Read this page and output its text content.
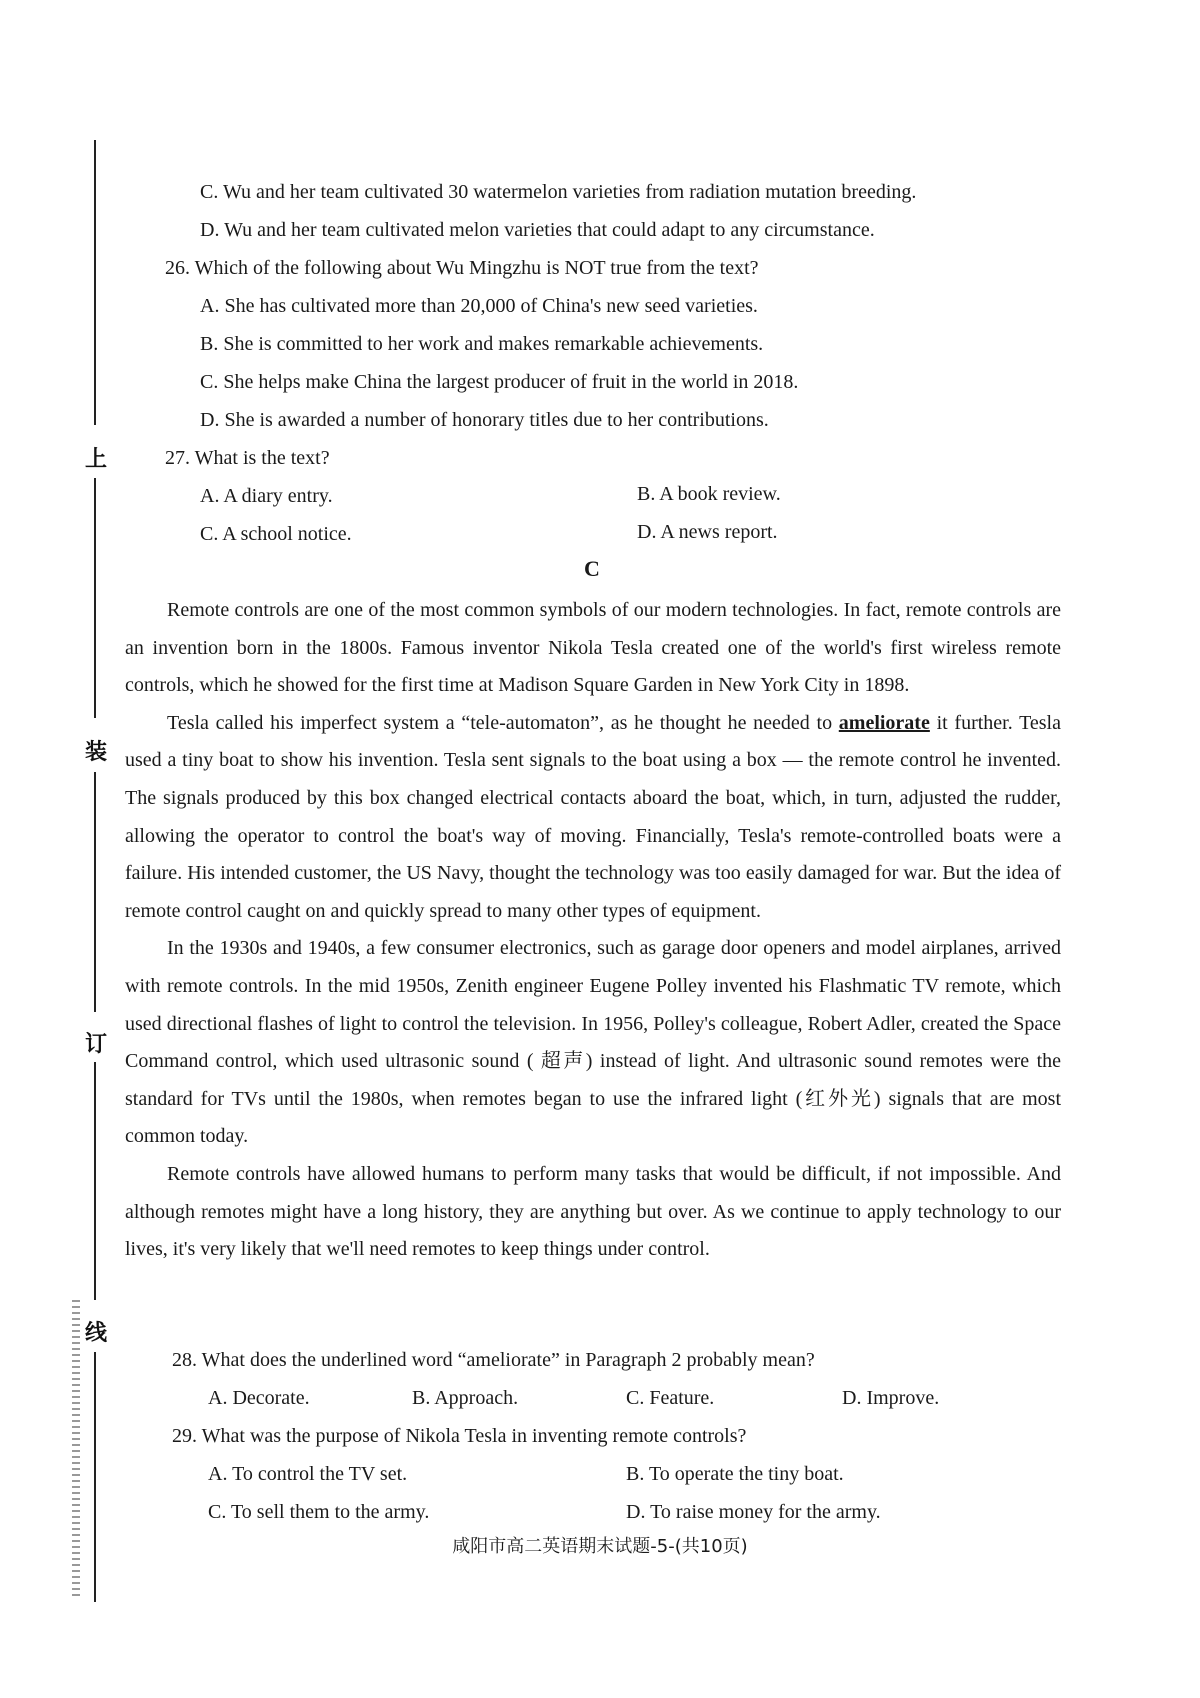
上
装
订
线
C. Wu and her team cultivated 30 watermelon varieties from radiation mutation breeding.
D. Wu and her team cultivated melon varieties that could adapt to any circumstance.
26. Which of the following about Wu Mingzhu is NOT true from the text?
A. She has cultivated more than 20,000 of China's new seed varieties.
B. She is committed to her work and makes remarkable achievements.
C. She helps make China the largest producer of fruit in the world in 2018.
D. She is awarded a number of honorary titles due to her contributions.
27. What is the text?
A. A diary entry.	B. A book review.
C. A school notice.	D. A news report.
C

Remote controls are one of the most common symbols of our modern technologies. In fact, remote controls are an invention born in the 1800s. Famous inventor Nikola Tesla created one of the world's first wireless remote controls, which he showed for the first time at Madison Square Garden in New York City in 1898.

Tesla called his imperfect system a “tele-automaton”, as he thought he needed to ameliorate it further. Tesla used a tiny boat to show his invention. Tesla sent signals to the boat using a box — the remote control he invented. The signals produced by this box changed electrical contacts aboard the boat, which, in turn, adjusted the rudder, allowing the operator to control the boat's way of moving. Financially, Tesla's remote-controlled boats were a failure. His intended customer, the US Navy, thought the technology was too easily damaged for war. But the idea of remote control caught on and quickly spread to many other types of equipment.

In the 1930s and 1940s, a few consumer electronics, such as garage door openers and model airplanes, arrived with remote controls. In the mid 1950s, Zenith engineer Eugene Polley invented his Flashmatic TV remote, which used directional flashes of light to control the television. In 1956, Polley's colleague, Robert Adler, created the Space Command control, which used ultrasonic sound ( 超声) instead of light. And ultrasonic sound remotes were the standard for TVs until the 1980s, when remotes began to use the infrared light (红外光) signals that are most common today.

Remote controls have allowed humans to perform many tasks that would be difficult, if not impossible. And although remotes might have a long history, they are anything but over. As we continue to apply technology to our lives, it's very likely that we'll need remotes to keep things under control.

28. What does the underlined word “ameliorate” in Paragraph 2 probably mean?
A. Decorate.	B. Approach.	C. Feature.	D. Improve.
29. What was the purpose of Nikola Tesla in inventing remote controls?
A. To control the TV set.	B. To operate the tiny boat.
C. To sell them to the army.	D. To raise money for the army.
咸阳市高二英语期末试题-5-(共10页)
